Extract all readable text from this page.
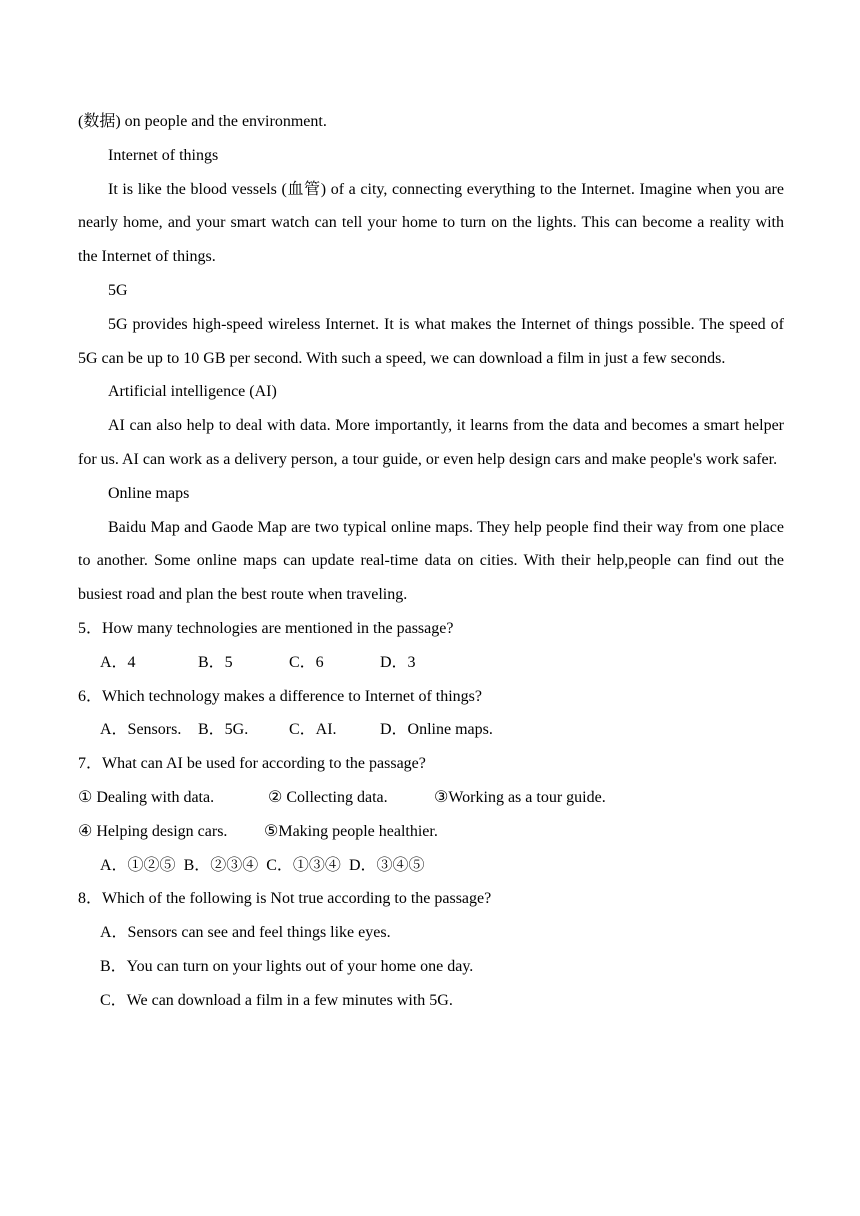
(数据) on people and the environment.
Internet of things
It is like the blood vessels (血管) of a city, connecting everything to the Internet. Imagine when you are nearly home, and your smart watch can tell your home to turn on the lights. This can become a reality with the Internet of things.
5G
5G provides high-speed wireless Internet. It is what makes the Internet of things possible. The speed of 5G can be up to 10 GB per second. With such a speed, we can download a film in just a few seconds.
Artificial intelligence (AI)
AI can also help to deal with data. More importantly, it learns from the data and becomes a smart helper for us. AI can work as a delivery person, a tour guide, or even help design cars and make people's work safer.
Online maps
Baidu Map and Gaode Map are two typical online maps. They help people find their way from one place to another. Some online maps can update real-time data on cities. With their help,people can find out the busiest road and plan the best route when traveling.
5．How many technologies are mentioned in the passage?
A．4	B．5	C．6	D．3
6．Which technology makes a difference to Internet of things?
A．Sensors. B．5G.	C．AI.	D．Online maps.
7．What can AI be used for according to the passage?
① Dealing with data.	② Collecting data.	③Working as a tour guide.
④ Helping design cars. ⑤Making people healthier.
A．①②⑤ B．②③④ C．①③④ D．③④⑤
8．Which of the following is Not true according to the passage?
A．Sensors can see and feel things like eyes.
B．You can turn on your lights out of your home one day.
C．We can download a film in a few minutes with 5G.
